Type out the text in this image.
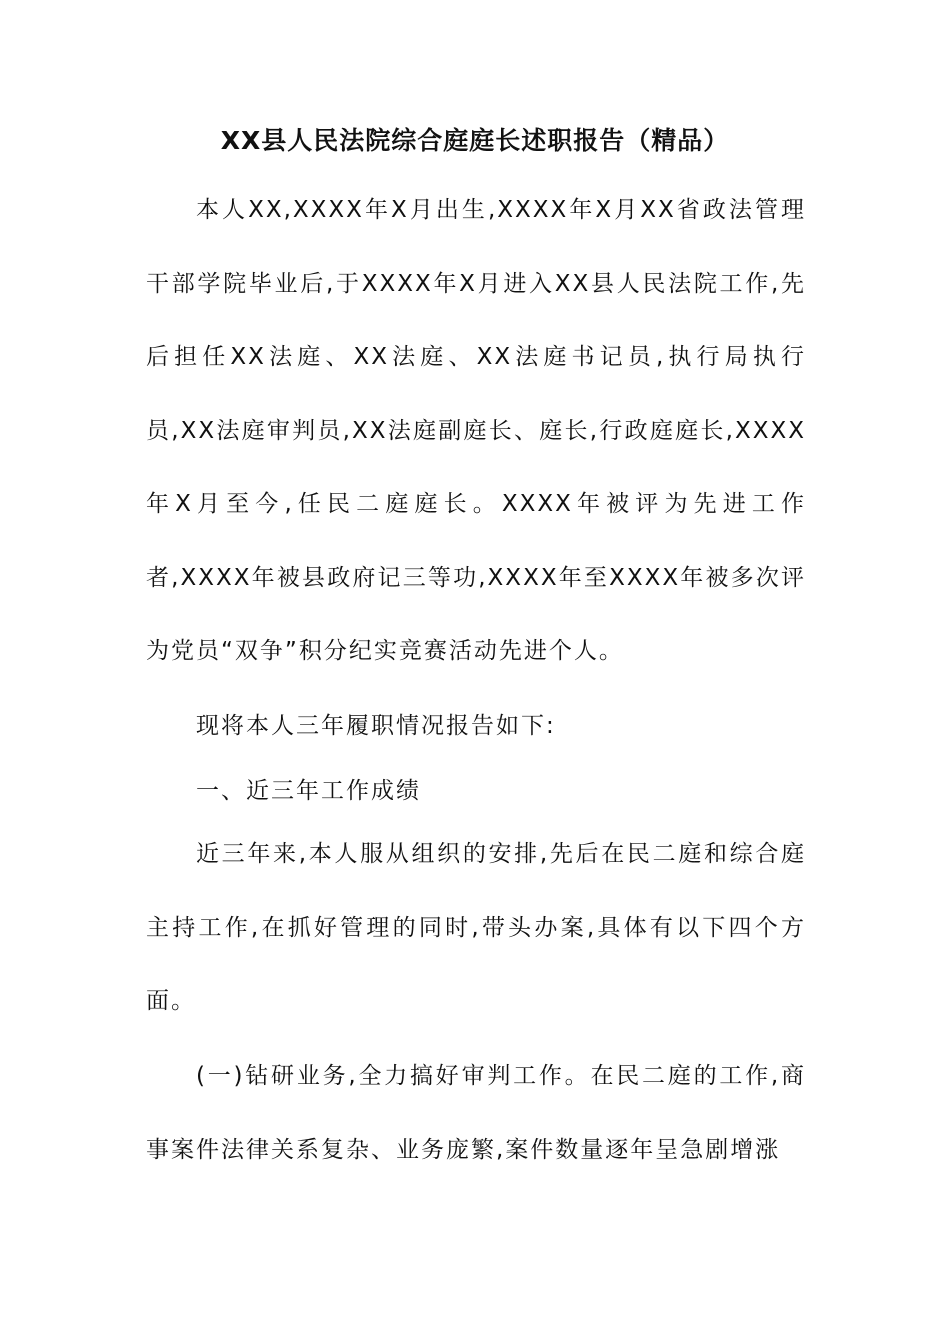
XX县人民法院综合庭庭长述职报告（精品）

本人XX,XXXX年X月出生,XXXX年X月XX省政法管理干部学院毕业后,于XXXX年X月进入XX县人民法院工作,先后担任XX法庭、XX法庭、XX法庭书记员,执行局执行员,XX法庭审判员,XX法庭副庭长、庭长,行政庭庭长,XXXX年X月至今,任民二庭庭长。XXXX年被评为先进工作者,XXXX年被县政府记三等功,XXXX年至XXXX年被多次评为党员“双争”积分纪实竞赛活动先进个人。

现将本人三年履职情况报告如下:

一、近三年工作成绩

近三年来,本人服从组织的安排,先后在民二庭和综合庭主持工作,在抓好管理的同时,带头办案,具体有以下四个方面。

(一)钻研业务,全力搞好审判工作。在民二庭的工作,商事案件法律关系复杂、业务庞繁,案件数量逐年呈急剧增涨
